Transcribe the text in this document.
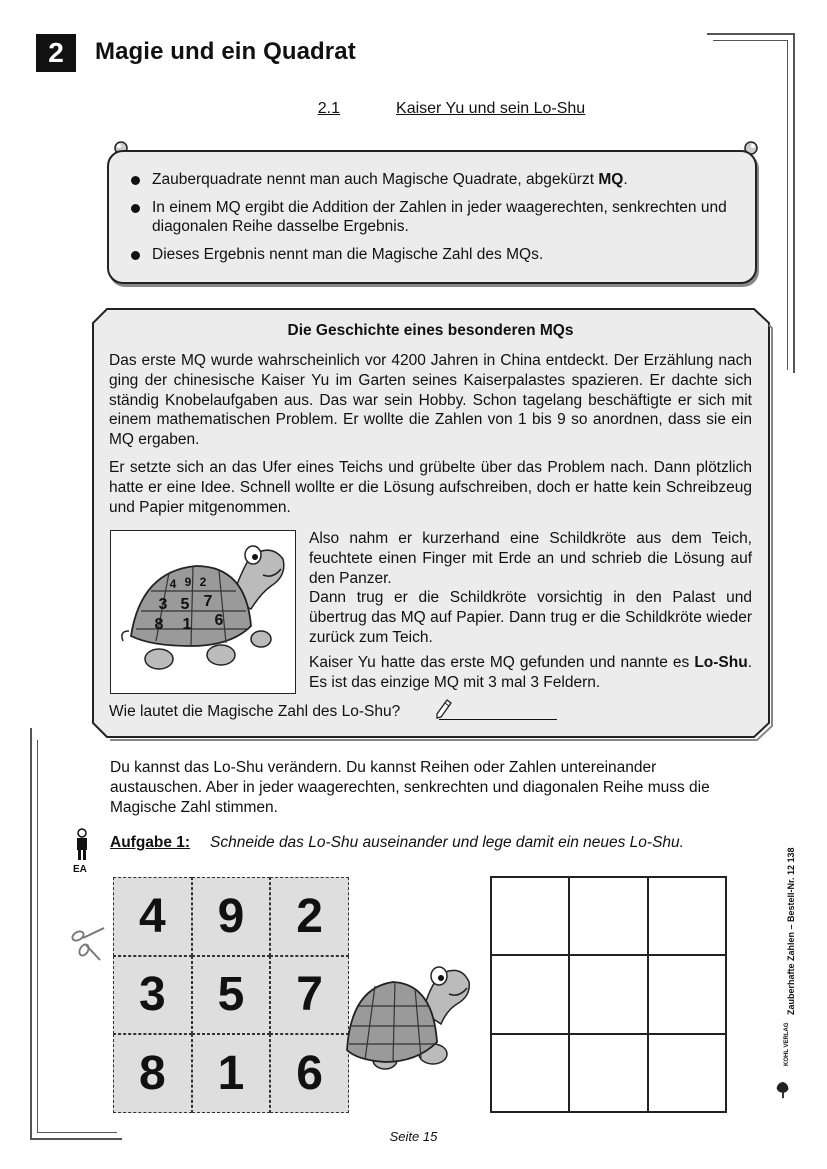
2	Magie und ein Quadrat
2.1	Kaiser Yu und sein Lo-Shu
Zauberquadrate nennt man auch Magische Quadrate, abgekürzt MQ.
In einem MQ ergibt die Addition der Zahlen in jeder waagerechten, senkrechten und diagonalen Reihe dasselbe Ergebnis.
Dieses Ergebnis nennt man die Magische Zahl des MQs.
Die Geschichte eines besonderen MQs

Das erste MQ wurde wahrscheinlich vor 4200 Jahren in China entdeckt. Der Erzählung nach ging der chinesische Kaiser Yu im Garten seines Kaiserpalastes spazieren. Er dachte sich ständig Knobelaufgaben aus. Das war sein Hobby. Schon tagelang beschäftigte er sich mit einem mathematischen Problem. Er wollte die Zahlen von 1 bis 9 so anordnen, dass sie ein MQ ergaben.

Er setzte sich an das Ufer eines Teichs und grübelte über das Problem nach. Dann plötzlich hatte er eine Idee. Schnell wollte er die Lösung aufschreiben, doch er hatte kein Schreibzeug und Papier mitgenommen.

Also nahm er kurzerhand eine Schildkröte aus dem Teich, feuchtete einen Finger mit Erde an und schrieb die Lösung auf den Panzer.

Dann trug er die Schildkröte vorsichtig in den Palast und übertrug das MQ auf Papier. Dann trug er die Schildkröte wieder zurück zum Teich.

Kaiser Yu hatte das erste MQ gefunden und nannte es Lo-Shu. Es ist das einzige MQ mit 3 mal 3 Feldern.

4 9 2
3 5 7
8 1 6
Wie lautet die Magische Zahl des Lo-Shu?
Du kannst das Lo-Shu verändern. Du kannst Reihen oder Zahlen untereinander austauschen. Aber in jeder waagerechten, senkrechten und diagonalen Reihe muss die Magische Zahl stimmen.
EA
Aufgabe 1: Schneide das Lo-Shu auseinander und lege damit ein neues Lo-Shu.
4	9	2
3	5	7
8	1	6
Zauberhafte Zahlen – Bestell-Nr. 12 138
KOHL VERLAG
Seite 15
